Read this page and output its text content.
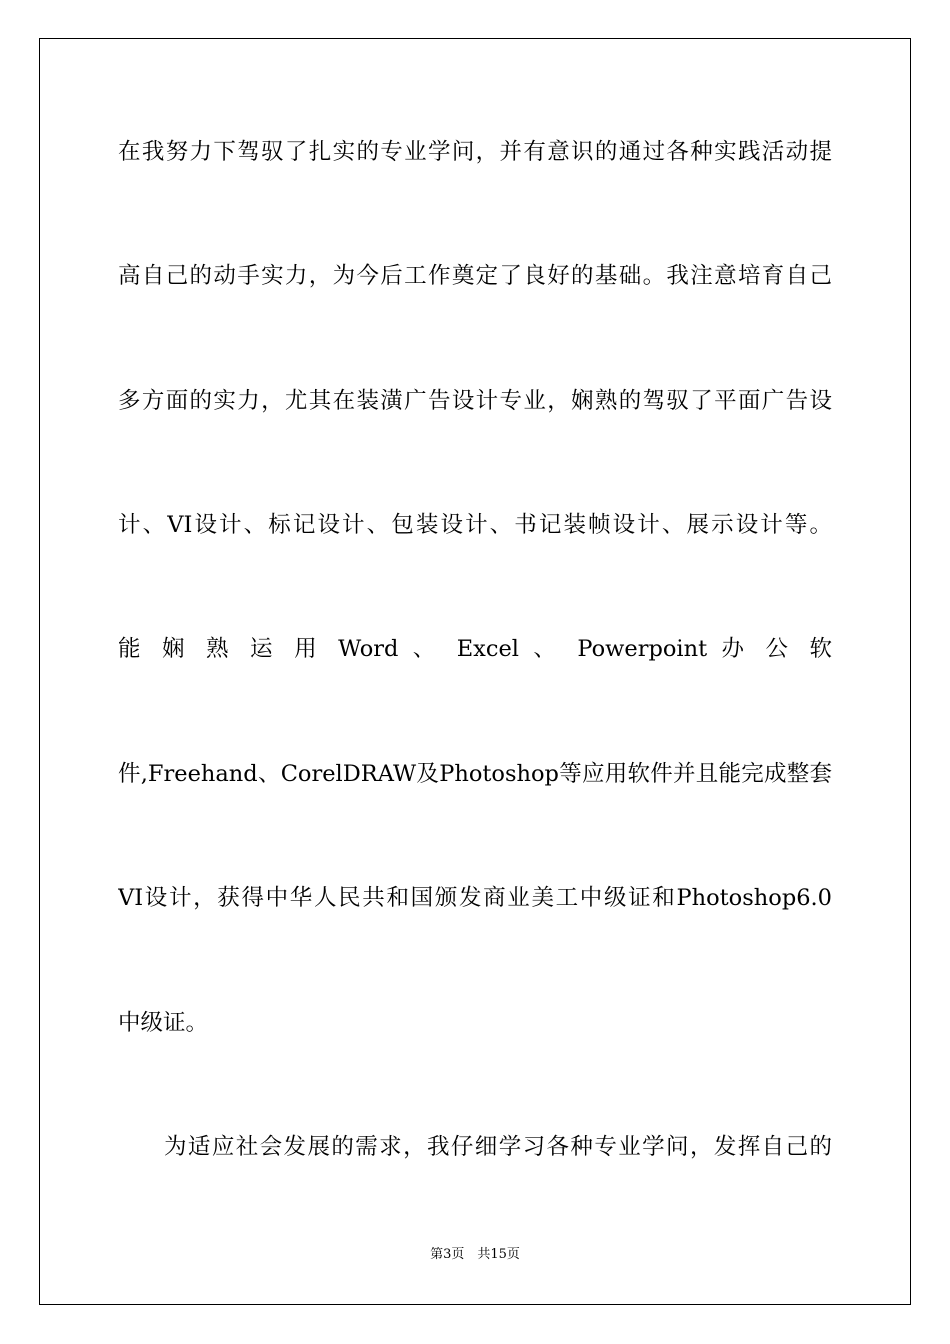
在我努力下驾驭了扎实的专业学问，并有意识的通过各种实践活动提
高自己的动手实力，为今后工作奠定了良好的基础。我注意培育自己
多方面的实力，尤其在装潢广告设计专业，娴熟的驾驭了平面广告设
计、VI设计、标记设计、包装设计、书记装帧设计、展示设计等。
能 娴 熟 运 用 Word 、 Excel 、 Powerpoint 办 公 软
件,Freehand、CorelDRAW及Photoshop等应用软件并且能完成整套
VI设计，获得中华人民共和国颁发商业美工中级证和Photoshop6.0
中级证。
为适应社会发展的需求，我仔细学习各种专业学问，发挥自己的
第3页　共15页
